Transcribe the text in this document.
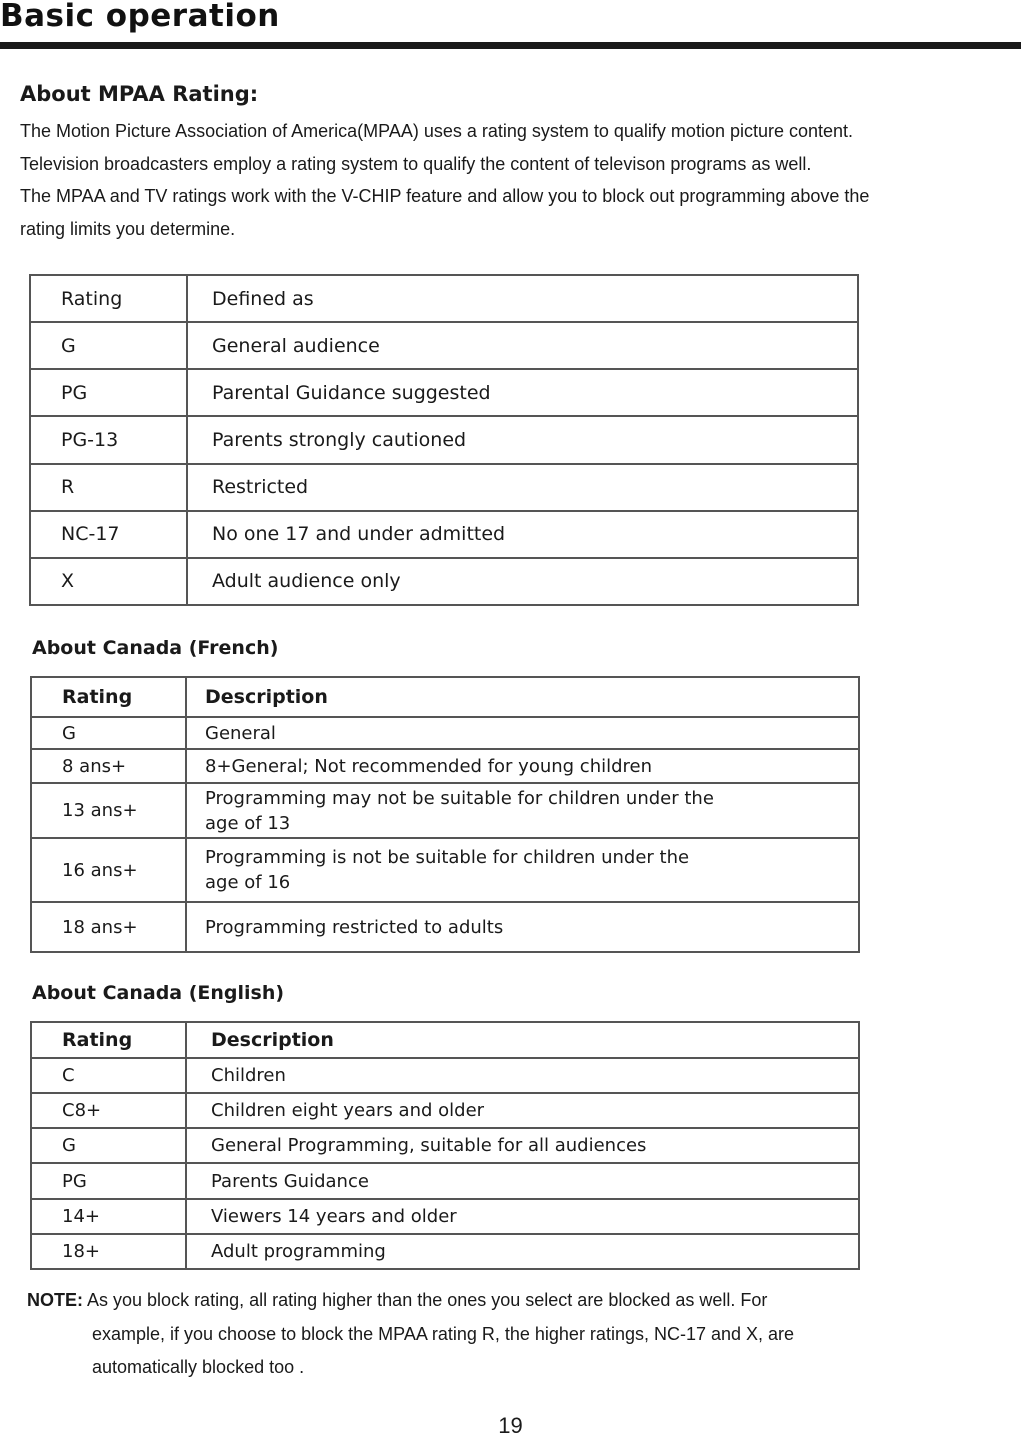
Basic operation
About MPAA Rating:
The Motion Picture Association of America(MPAA) uses a rating system to qualify motion picture content.
Television broadcasters employ a rating system to qualify the content of televison programs as well.
The MPAA and TV ratings work with the V-CHIP feature and allow you to block out programming above the
rating limits you determine.
Rating	Defined as
G	General audience
PG	Parental Guidance suggested
PG-13	Parents strongly cautioned
R	Restricted
NC-17	No one 17 and under admitted
X	Adult audience only
About Canada (French)
Rating	Description
G	General
8 ans+	8+General; Not recommended for young children
13 ans+	Programming may not be suitable for children under the age of 13

16 ans+	Programming is not be suitable for children under the age of 16

18 ans+	Programming restricted to adults
About Canada (English)
Rating	Description
C	Children
C8+	Children eight years and older
G	General Programming, suitable for all audiences
PG	Parents Guidance
14+	Viewers 14 years and older
18+	Adult programming
NOTE: As you block rating, all rating higher than the ones you select are blocked as well. For
example, if you choose to block the MPAA rating R, the higher ratings, NC-17 and X, are
automatically blocked too .
19
